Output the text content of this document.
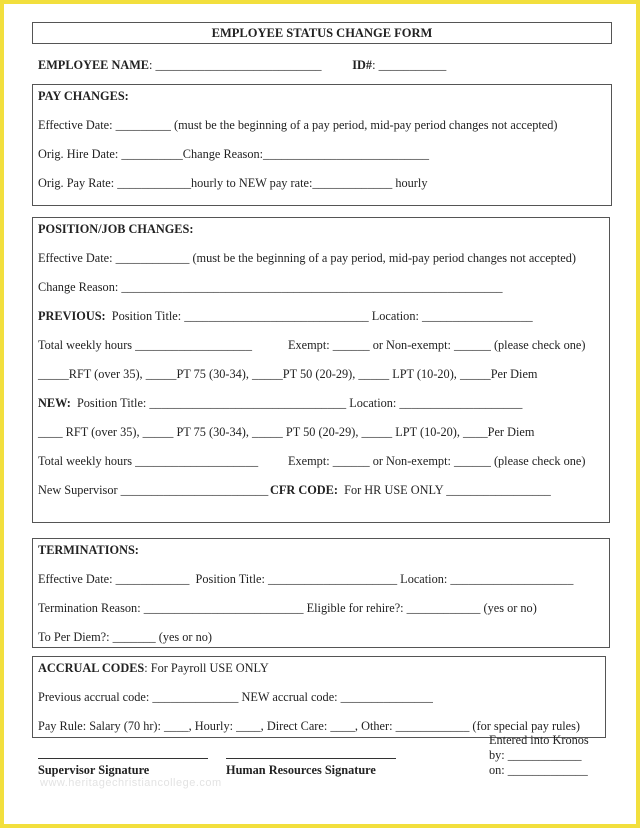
EMPLOYEE STATUS CHANGE FORM
EMPLOYEE NAME: ___________________________	ID#: ___________
PAY CHANGES:
Effective Date: _________ (must be the beginning of a pay period, mid-pay period changes not accepted)
Orig. Hire Date: __________Change Reason:___________________________
Orig. Pay Rate: ____________hourly to NEW pay rate:_____________ hourly
POSITION/JOB CHANGES:
Effective Date: ____________ (must be the beginning of a pay period, mid-pay period changes not accepted)
Change Reason: ______________________________________________________________
PREVIOUS:  Position Title: ______________________________ Location: __________________
Total weekly hours ___________________	Exempt: ______ or Non-exempt: ______ (please check one)
_____RFT (over 35), _____PT 75 (30-34), _____PT 50 (20-29), _____ LPT (10-20), _____Per Diem
NEW:  Position Title: ________________________________ Location: ____________________
____ RFT (over 35), _____ PT 75 (30-34), _____ PT 50 (20-29), _____ LPT (10-20), ____Per Diem
Total weekly hours ____________________ Exempt: ______ or Non-exempt: ______ (please check one)
New Supervisor ________________________ CFR CODE:  For HR USE ONLY _________________
TERMINATIONS:
Effective Date: ____________  Position Title: _____________________ Location: ____________________
Termination Reason: __________________________ Eligible for rehire?: ____________ (yes or no)
To Per Diem?: _______ (yes or no)
ACCRUAL CODES: For Payroll USE ONLY
Previous accrual code: ______________ NEW accrual code: _______________
Pay Rule: Salary (70 hr): ____, Hourly: ____, Direct Care: ____, Other: ____________ (for special pay rules)
Supervisor Signature	Human Resources Signature
Entered into Kronos
by: ____________
on: _____________
www.heritagechristiancollege.com
